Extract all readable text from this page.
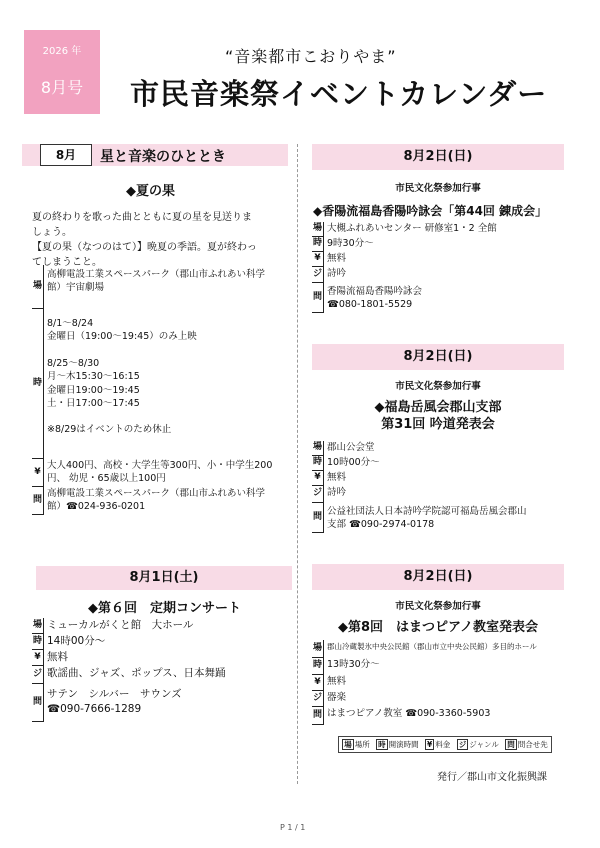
2026 年
8月号
“音楽都市こおりやま”
市民音楽祭イベントカレンダー
8月	星と音楽のひととき
◆夏の果
夏の終わりを歌った曲とともに夏の星を見送りま
しょう。
【夏の果（なつのはて）】晩夏の季語。夏が終わっ
てしまうこと。
場
高柳電設工業スペースパーク（郡山市ふれあい科学
館）宇宙劇場
時
8/1～8/24
金曜日（19:00～19:45）のみ上映
8/25～8/30
月～木15:30～16:15
金曜日19:00～19:45
土・日17:00～17:45
※8/29はイベントのため休止
¥
大人400円、高校・大学生等300円、小・中学生200
円、 幼児・65歳以上100円
問
高柳電設工業スペースパーク（郡山市ふれあい科学
館）☎024-936-0201
8月1日(土)
◆第６回　定期コンサート
場 ミューカルがくと館　大ホール
時 14時00分～
¥ 無料
ジ 歌謡曲、ジャズ、ポップス、日本舞踊
問
サテン　シルバー　サウンズ
☎090-7666-1289
8月2日(日)
市民文化祭参加行事
◆香陽流福島香陽吟詠会「第44回 錬成会」
場 大槻ふれあいセンター 研修室1・2 全館
時 9時30分～
¥ 無料
ジ 詩吟
問 香陽流福島香陽吟詠会
☎080-1801-5529
8月2日(日)
市民文化祭参加行事
◆福島岳風会郡山支部
第31回 吟道発表会
場 郡山公会堂
時 10時00分～
¥ 無料
ジ 詩吟
問 公益社団法人日本詩吟学院認可福島岳風会郡山
支部 ☎090-2974-0178
8月2日(日)
市民文化祭参加行事
◆第8回　はまつピアノ教室発表会
場 郡山冷蔵製氷中央公民館（郡山市立中央公民館）多目的ホール
時 13時30分～
¥ 無料
ジ 器楽
問 はまつピアノ教室 ☎090-3360-5903
場 場所 時 開演時間 ¥ 料金 ジ ジャンル 問 問合せ先
発行／郡山市文化振興課
P 1 / 1
